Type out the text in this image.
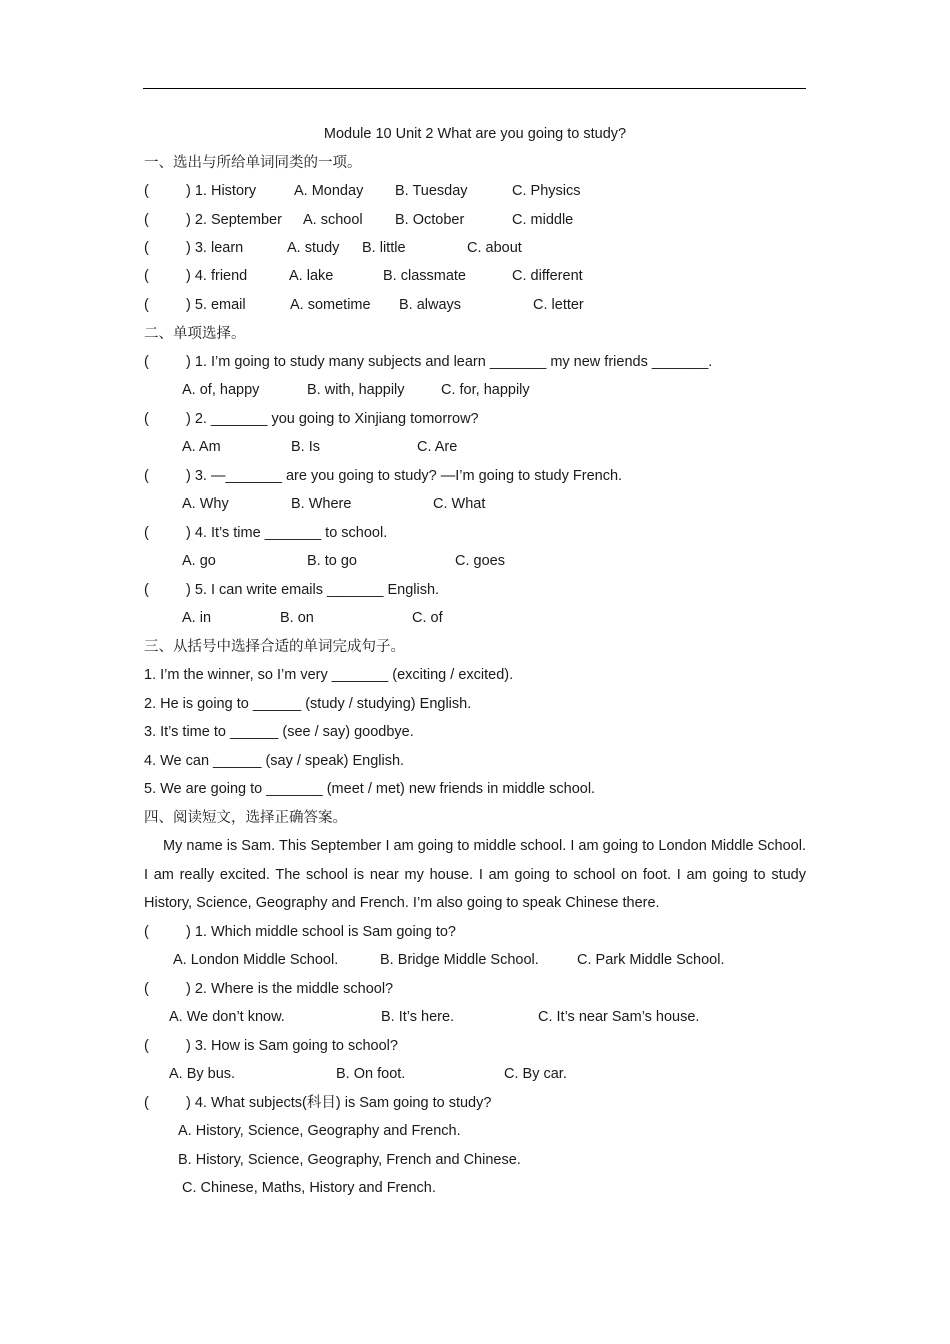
Module 10 Unit 2 What are you going to study?
一、选出与所给单词同类的一项。
(	) 1. History	A. Monday B. Tuesday	C. Physics
(	) 2. September A. school B. October	C. middle
(	) 3. learn	A. study B. little	C. about
(	) 4. friend	A. lake	B. classmate	C. different
(	) 5. email	A. sometime B. always	C. letter
二、单项选择。
(	) 1. I’m going to study many subjects and learn _______ my new friends _______.
A. of, happy	B. with, happily	C. for, happily
(	) 2. _______ you going to Xinjiang tomorrow?
A. Am	B. Is	C. Are
(	) 3. —_______ are you going to study? —I’m going to study French.
A. Why	B. Where	C. What
(	) 4. It’s time _______ to school.
A. go	B. to go	C. goes
(	) 5. I can write emails _______ English.
A. in	B. on	C. of
三、从括号中选择合适的单词完成句子。
1. I’m the winner, so I’m very _______ (exciting / excited).
2. He is going to ______ (study / studying) English.
3. It’s time to ______ (see / say) goodbye.
4. We can ______ (say / speak) English.
5. We are going to _______ (meet / met) new friends in middle school.
四、阅读短文，选择正确答案。
My name is Sam. This September I am going to middle school. I am going to London Middle School. I am really excited. The school is near my house. I am going to school on foot. I am going to study History, Science, Geography and French. I’m also going to speak Chinese there.
(	) 1. Which middle school is Sam going to?
A. London Middle School.	B. Bridge Middle School.	C. Park Middle School.
(	) 2. Where is the middle school?
A. We don’t know.	B. It’s here.	C. It’s near Sam’s house.
(	) 3. How is Sam going to school?
A. By bus.	B. On foot.	C. By car.
(	) 4. What subjects(科目) is Sam going to study?
A. History, Science, Geography and French.
B. History, Science, Geography, French and Chinese.
C. Chinese, Maths, History and French.
